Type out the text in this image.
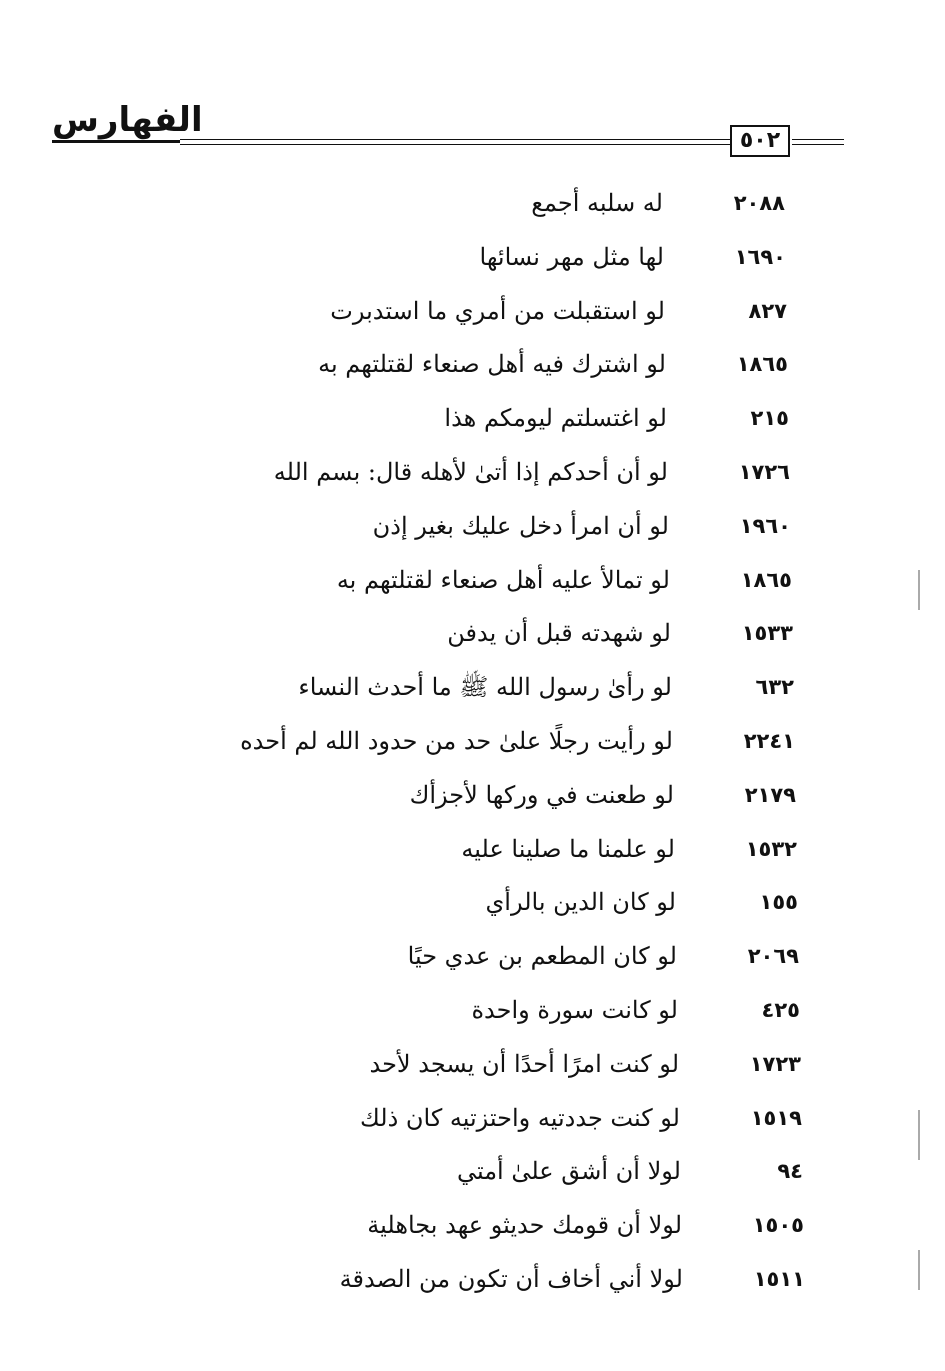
الفهارس
٥٠٢
له سلبه أجمع	٢٠٨٨
لها مثل مهر نسائها	١٦٩٠
لو استقبلت من أمري ما استدبرت	٨٢٧
لو اشترك فيه أهل صنعاء لقتلتهم به	١٨٦٥
لو اغتسلتم ليومكم هذا	٢١٥
لو أن أحدكم إذا أتىٰ لأهله قال: بسم الله	١٧٢٦
لو أن امرأ دخل عليك بغير إذن	١٩٦٠
لو تمالأ عليه أهل صنعاء لقتلتهم به	١٨٦٥
لو شهدته قبل أن يدفن	١٥٣٣
لو رأىٰ رسول الله ﷺ ما أحدث النساء	٦٣٢
لو رأيت رجلًا علىٰ حد من حدود الله لم أحده	٢٢٤١
لو طعنت في وركها لأجزأك	٢١٧٩
لو علمنا ما صلينا عليه	١٥٣٢
لو كان الدين بالرأي	١٥٥
لو كان المطعم بن عدي حيًا	٢٠٦٩
لو كانت سورة واحدة	٤٢٥
لو كنت امرًا أحدًا أن يسجد لأحد	١٧٢٣
لو كنت جددتيه واحتزتيه كان ذلك	١٥١٩
لولا أن أشق علىٰ أمتي	٩٤
لولا أن قومك حديثو عهد بجاهلية	١٥٠٥
لولا أني أخاف أن تكون من الصدقة	١٥١١
